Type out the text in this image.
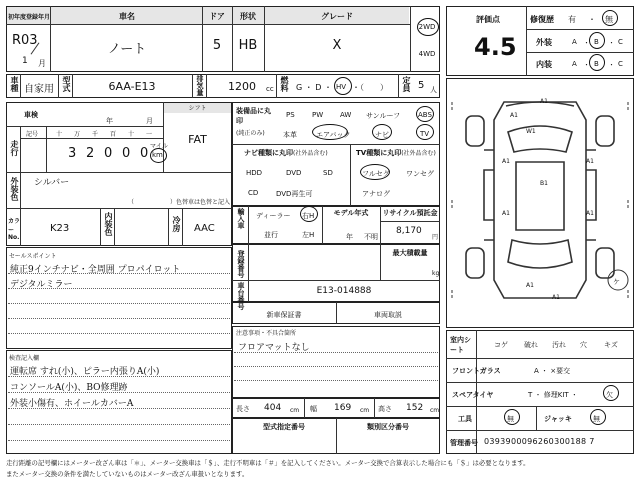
初年度登録年月	車名	ドア	形状	グレード
R03
1 月
ノート	5	HB	X
2WD
4WD
車種 自家用 型式	6AA-E13	排気量 1200 cc 燃料 G ・ D ・ HV ・（　　） 定員 5 人
車検
年	月
シフト
FAT
走行
記号	十 万 千 百 十 一
3 2 0 0 0 マイル
km
外装色 シルバー
（　　　　　　）色替車は色替と記入
カラーNo.
K23	内装色	冷房 AAC
セールスポイント
純正9インチナビ・全周囲 プロパイロット
デジタルミラー
検査記入欄
運転席 すれ(小)、ピラー内張りA(小)
コンソールA(小)、BO修理跡
外装小傷有、ホイールカバーA
装備品に丸印
(純正のみ)
PS PW AW サンルーフ	ABS
本革	エアバック	ナビ	TV
ナビ種類に丸印(社外品含む)	TV種類に丸印(社外品含む)
HDD	DVD	SD
CD	DVD再生可
フルセグ ワンセグ
アナログ
輸入車 ディーラー
並行
右H
左H
モデル年式
年 不明
リサイクル預託金
8,170
円
登録番号	最大積載量
kg
車台番号	E13-014888
新車保証書	車両取説
注意事項・不具合箇所
フロアマットなし
長さ 404 cm 幅 169 cm 高さ 152 cm
型式指定番号	類別区分番号
評価点
4.5
修復歴 有 ・ 無
外装	A ・ B ・ C
内装	A ・ B ・ C
A1
A1
W1
A1	A1
B1
A1	A1
A1
A1
ケ
室内シート
コゲ 破れ 汚れ 穴 キズ
フロントガラス	A ・ ×要交
スペアタイヤ	T ・ 修理KIT ・	欠
工具	無	ジャッキ	無
管理番号 0393900096260300188 7
走行距離の記号欄にはメーター改ざん車は「＊」、メーター交換車は「＄」、走行不明車は「＃」を記入してください。メーター交換で合算表示した場合にも「＄」は必要となります。
またメーター交換の条件を満たしていないものはメーター改ざん車扱いとなります。
